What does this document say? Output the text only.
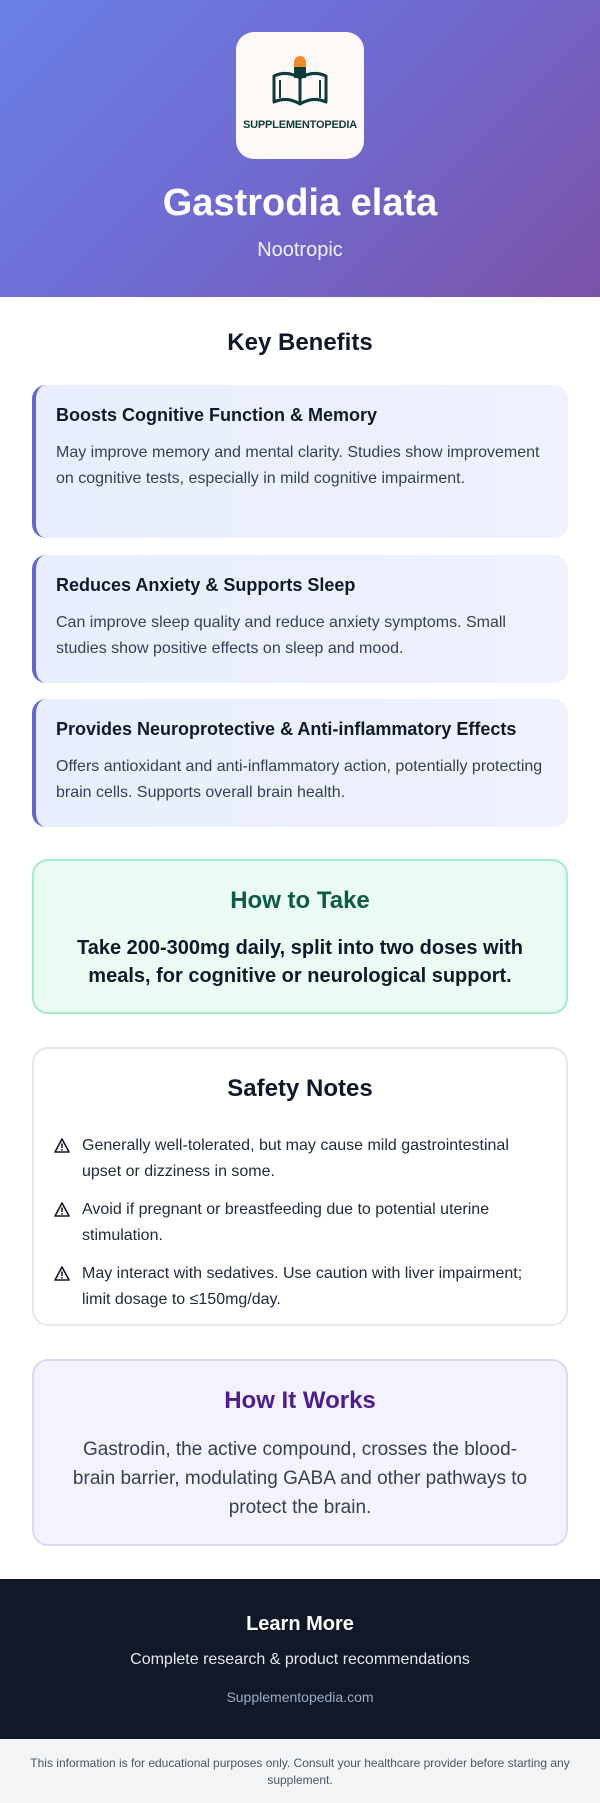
SUPPLEMENTOPEDIA
Gastrodia elata
Nootropic
Key Benefits
Boosts Cognitive Function & Memory

May improve memory and mental clarity. Studies show improvement on cognitive tests, especially in mild cognitive impairment.

Reduces Anxiety & Supports Sleep

Can improve sleep quality and reduce anxiety symptoms. Small studies show positive effects on sleep and mood.

Provides Neuroprotective & Anti-inflammatory Effects

Offers antioxidant and anti-inflammatory action, potentially protecting brain cells. Supports overall brain health.

How to Take

Take 200-300mg daily, split into two doses with meals, for cognitive or neurological support.

Safety Notes
Generally well-tolerated, but may cause mild gastrointestinal upset or dizziness in some.
Avoid if pregnant or breastfeeding due to potential uterine stimulation.
May interact with sedatives. Use caution with liver impairment; limit dosage to ≤150mg/day.
How It Works

Gastrodin, the active compound, crosses the blood-brain barrier, modulating GABA and other pathways to protect the brain.

Learn More

Complete research & product recommendations

Supplementopedia.com
This information is for educational purposes only. Consult your healthcare provider before starting any supplement.
